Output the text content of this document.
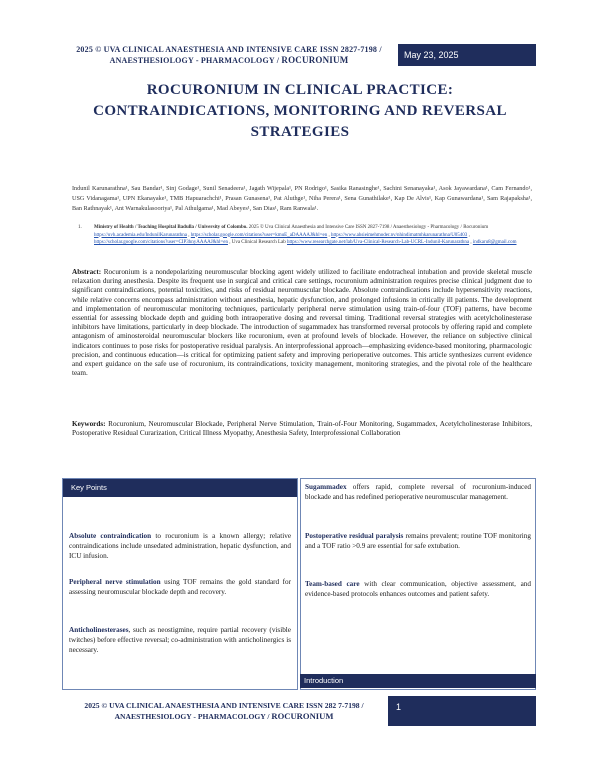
2025 © UVA CLINICAL ANAESTHESIA AND INTENSIVE CARE ISSN 2827-7198 /
ANAESTHESIOLOGY - PHARMACOLOGY / ROCURONIUM	May 23, 2025
ROCURONIUM IN CLINICAL PRACTICE: CONTRAINDICATIONS, MONITORING AND REVERSAL STRATEGIES
Indunil Karunarathna¹, Sau Bandar¹, Sinj Godage¹, Sunil Senadeera¹, Jagath Wijepala¹, PN Rodrigo¹, Sasika Ranasinghe¹, Sachini Senanayaka¹, Asok Jayawardana¹, Cam Fernando¹, USG Vidanagama¹, UPN Ekanayake¹, TMB Hapuarachchi¹, Prasan Gunasena¹, Pat Aluthge¹, Niha Perera¹, Sena Gunathilake¹, Kap De Alvis¹, Kap Gunawardana¹, Sam Rajapaksha¹, Ban Rathnayak¹, Ant Warnakulasooriya¹, Pal Athulgama¹, Mad Abeyes¹, San Dias¹, Ram Ranwala¹.
1. Ministry of Health / Teaching Hospital Badulla / University of Colombo. 2025 © Uva Clinical Anaesthesia and Intensive Care ISSN 2827-7198 / Anaesthesiology - Pharmacology / Rocuronium https://uvh.academia.edu/IndunilKarunarathna , https://scholar.google.com/citations?user=kmuE_aDAAAAJ&hl=en , https://www.ahsieimehmoder.nv/nhindimatmhkarunarathna/U05403 , https://scholar.google.com/citations?user=CIP3hnyAAAAJ&hl=en , Uva Clinical Research Lab https://www.researchgate.net/lab/Uva-Clinical-Research-Lab-UCRL-Indunil-Karunarathna , indkaru8@gmail.com
Abstract: Rocuronium is a nondepolarizing neuromuscular blocking agent widely utilized to facilitate endotracheal intubation and provide skeletal muscle relaxation during anesthesia. Despite its frequent use in surgical and critical care settings, rocuronium administration requires precise clinical judgment due to significant contraindications, potential toxicities, and risks of residual neuromuscular blockade. Absolute contraindications include hypersensitivity reactions, while relative concerns encompass administration without anesthesia, hepatic dysfunction, and prolonged infusions in critically ill patients. The development and implementation of neuromuscular monitoring techniques, particularly peripheral nerve stimulation using train-of-four (TOF) patterns, have become essential for assessing blockade depth and guiding both intraoperative dosing and reversal timing. Traditional reversal strategies with acetylcholinesterase inhibitors have limitations, particularly in deep blockade. The introduction of sugammadex has transformed reversal protocols by offering rapid and complete antagonism of aminosteroidal neuromuscular blockers like rocuronium, even at profound levels of blockade. However, the reliance on subjective clinical indicators continues to pose risks for postoperative residual paralysis. An interprofessional approach—emphasizing evidence-based monitoring, pharmacologic precision, and continuous education—is critical for optimizing patient safety and improving perioperative outcomes. This article synthesizes current evidence and expert guidance on the safe use of rocuronium, its contraindications, toxicity management, monitoring strategies, and the pivotal role of the healthcare team.
Keywords: Rocuronium, Neuromuscular Blockade, Peripheral Nerve Stimulation, Train-of-Four Monitoring, Sugammadex, Acetylcholinesterase Inhibitors, Postoperative Residual Curarization, Critical Illness Myopathy, Anesthesia Safety, Interprofessional Collaboration
Key Points
Absolute contraindication to rocuronium is a known allergy; relative contraindications include unsedated administration, hepatic dysfunction, and ICU infusion.
Peripheral nerve stimulation using TOF remains the gold standard for assessing neuromuscular blockade depth and recovery.
Anticholinesterases, such as neostigmine, require partial recovery (visible twitches) before effective reversal; co-administration with anticholinergics is necessary.
Sugammadex offers rapid, complete reversal of rocuronium-induced blockade and has redefined perioperative neuromuscular management.
Postoperative residual paralysis remains prevalent; routine TOF monitoring and a TOF ratio >0.9 are essential for safe extubation.
Team-based care with clear communication, objective assessment, and evidence-based protocols enhances outcomes and patient safety.
Introduction
2025 © UVA CLINICAL ANAESTHESIA AND INTENSIVE CARE ISSN 282 7-7198 /
ANAESTHESIOLOGY - PHARMACOLOGY / ROCURONIUM
1
